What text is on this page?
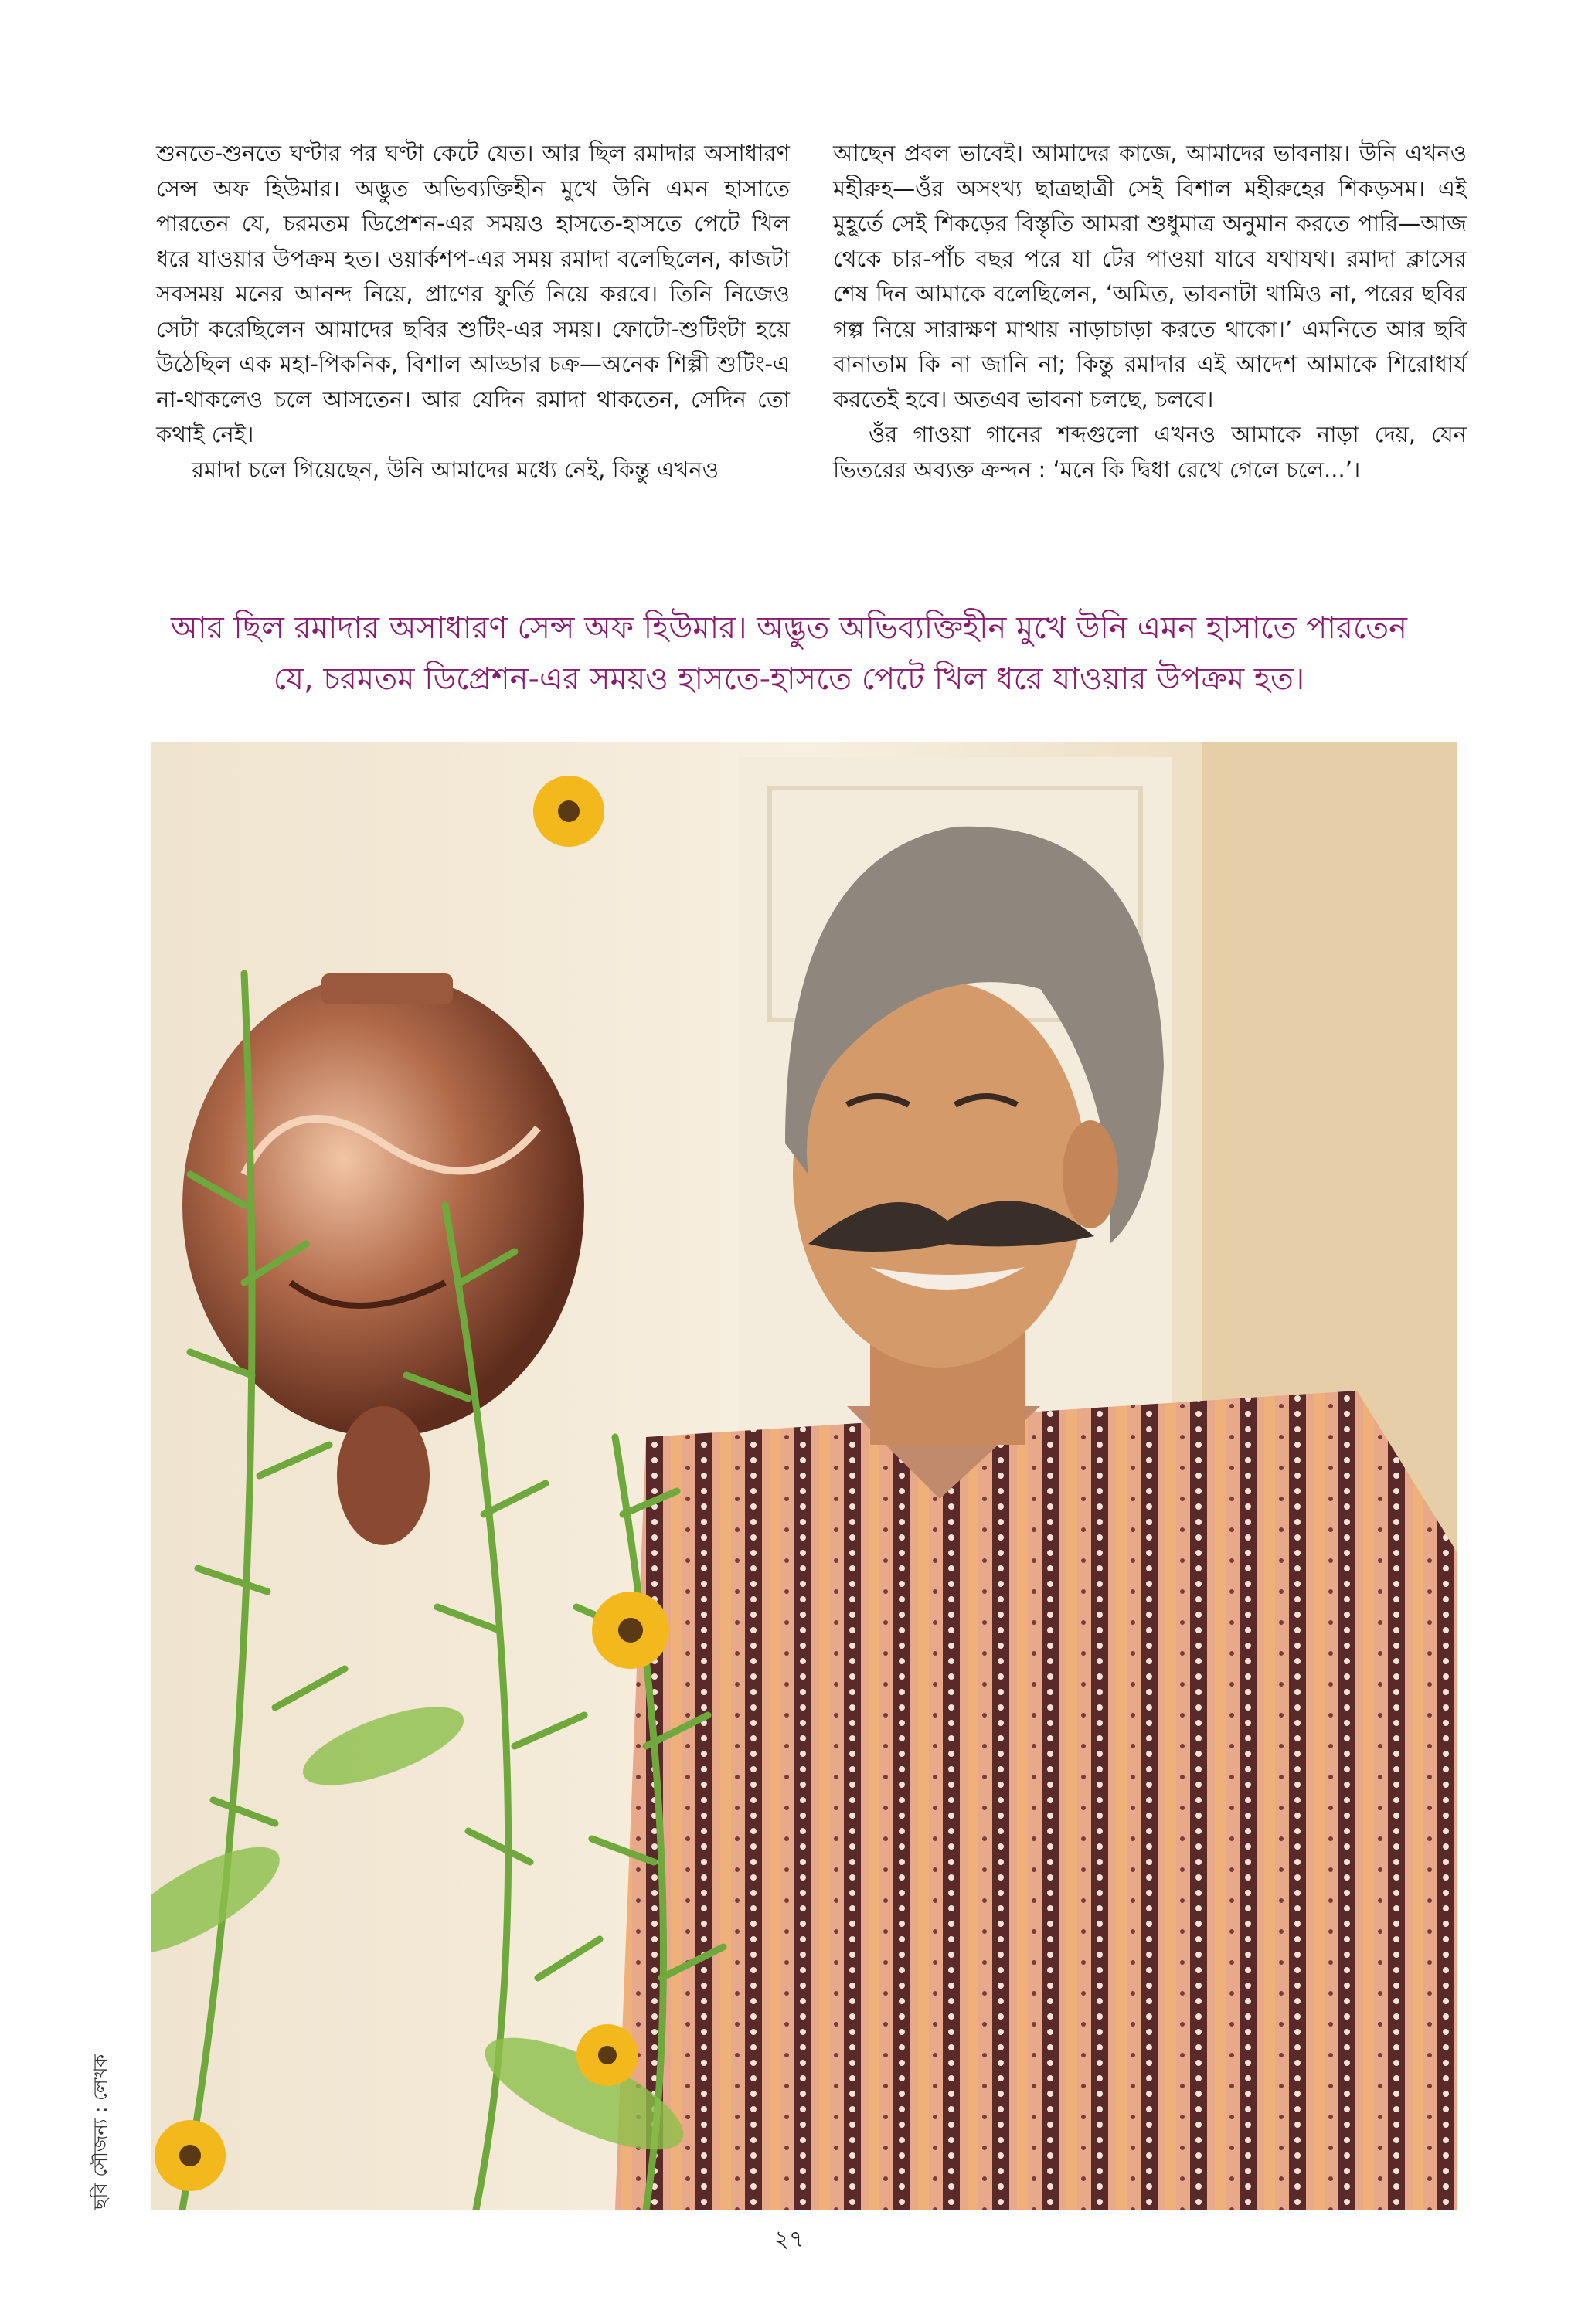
শুনতে-শুনতে ঘণ্টার পর ঘণ্টা কেটে যেত। আর ছিল রমাদার অসাধারণ সেন্স অফ হিউমার। অদ্ভুত অভিব্যক্তিহীন মুখে উনি এমন হাসাতে পারতেন যে, চরমতম ডিপ্রেশন-এর সময়ও হাসতে-হাসতে পেটে খিল ধরে যাওয়ার উপক্রম হত। ওয়ার্কশপ-এর সময় রমাদা বলেছিলেন, কাজটা সবসময় মনের আনন্দ নিয়ে, প্রাণের ফুর্তি নিয়ে করবে। তিনি নিজেও সেটা করেছিলেন আমাদের ছবির শুটিং-এর সময়। ফোটো-শুটিংটা হয়ে উঠেছিল এক মহা-পিকনিক, বিশাল আড্ডার চক্র—অনেক শিল্পী শুটিং-এ না-থাকলেও চলে আসতেন। আর যেদিন রমাদা থাকতেন, সেদিন তো কথাই নেই।

রমাদা চলে গিয়েছেন, উনি আমাদের মধ্যে নেই, কিন্তু এখনও

আছেন প্রবল ভাবেই। আমাদের কাজে, আমাদের ভাবনায়। উনি এখনও মহীরুহ—ওঁর অসংখ্য ছাত্রছাত্রী সেই বিশাল মহীরুহের শিকড়সম। এই মুহূর্তে সেই শিকড়ের বিস্তৃতি আমরা শুধুমাত্র অনুমান করতে পারি—আজ থেকে চার-পাঁচ বছর পরে যা টের পাওয়া যাবে যথাযথ। রমাদা ক্লাসের শেষ দিন আমাকে বলেছিলেন, ‘অমিত, ভাবনাটা থামিও না, পরের ছবির গল্প নিয়ে সারাক্ষণ মাথায় নাড়াচাড়া করতে থাকো।’ এমনিতে আর ছবি বানাতাম কি না জানি না; কিন্তু রমাদার এই আদেশ আমাকে শিরোধার্য করতেই হবে। অতএব ভাবনা চলছে, চলবে।

ওঁর গাওয়া গানের শব্দগুলো এখনও আমাকে নাড়া দেয়, যেন ভিতরের অব্যক্ত ক্রন্দন : ‘মনে কি দ্বিধা রেখে গেলে চলে...’।

আর ছিল রমাদার অসাধারণ সেন্স অফ হিউমার। অদ্ভুত অভিব্যক্তিহীন মুখে উনি এমন হাসাতে পারতেন

যে, চরমতম ডিপ্রেশন-এর সময়ও হাসতে-হাসতে পেটে খিল ধরে যাওয়ার উপক্রম হত।

ছবি সৌজন্য : লেখক
২৭
